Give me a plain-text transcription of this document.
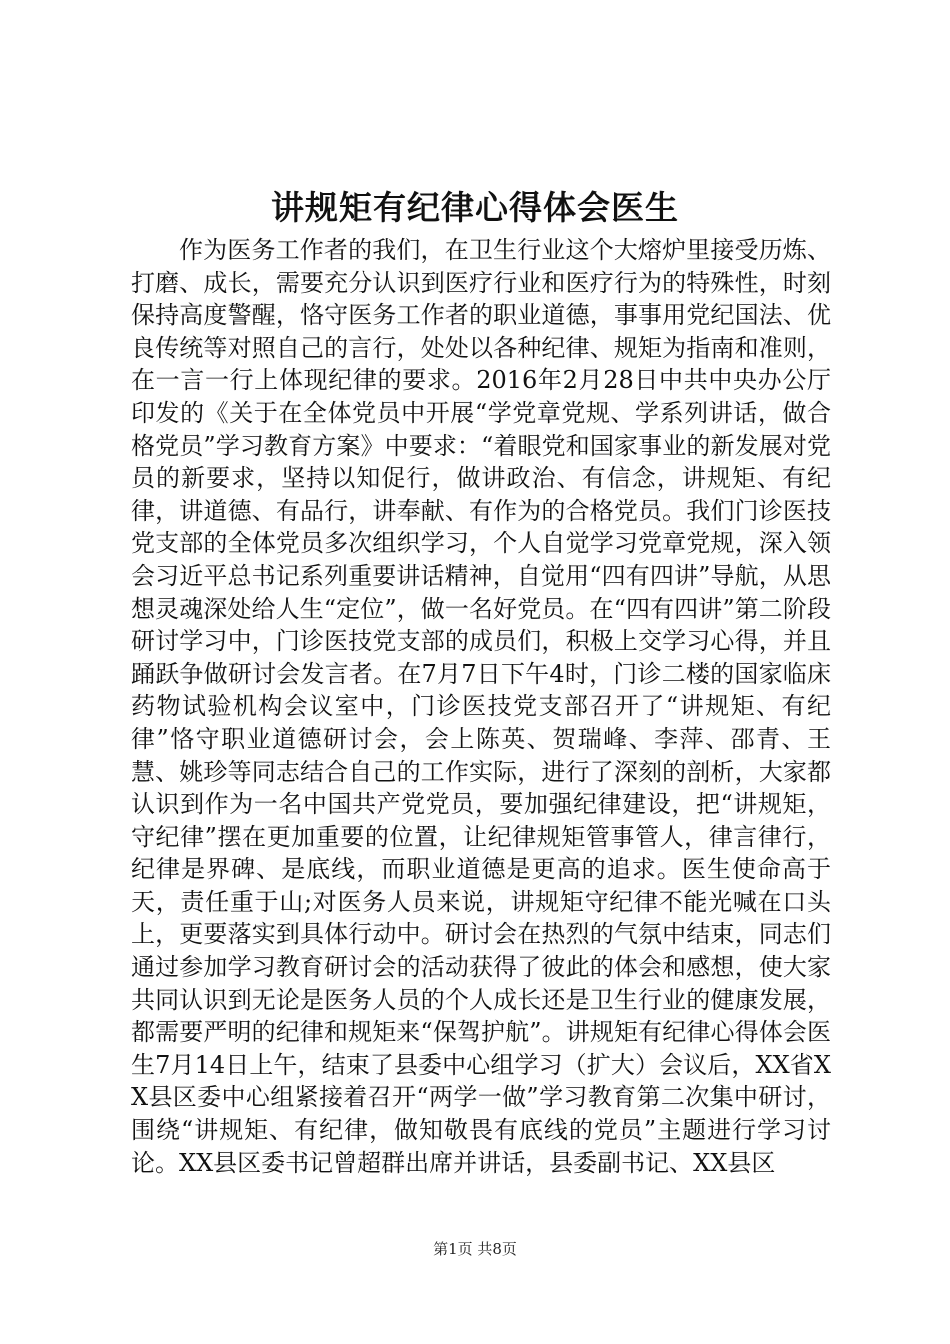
讲规矩有纪律心得体会医生

作为医务工作者的我们，在卫生行业这个大熔炉里接受历炼、打磨、成长，需要充分认识到医疗行业和医疗行为的特殊性，时刻保持高度警醒，恪守医务工作者的职业道德，事事用党纪国法、优良传统等对照自己的言行，处处以各种纪律、规矩为指南和准则，在一言一行上体现纪律的要求。2016年2月28日中共中央办公厅印发的《关于在全体党员中开展“学党章党规、学系列讲话，做合格党员”学习教育方案》中要求：“着眼党和国家事业的新发展对党员的新要求，坚持以知促行，做讲政治、有信念，讲规矩、有纪律，讲道德、有品行，讲奉献、有作为的合格党员。我们门诊医技党支部的全体党员多次组织学习，个人自觉学习党章党规，深入领会习近平总书记系列重要讲话精神，自觉用“四有四讲”导航，从思想灵魂深处给人生“定位”，做一名好党员。在“四有四讲”第二阶段研讨学习中，门诊医技党支部的成员们，积极上交学习心得，并且踊跃争做研讨会发言者。在7月7日下午4时，门诊二楼的国家临床药物试验机构会议室中，门诊医技党支部召开了“讲规矩、有纪律”恪守职业道德研讨会，会上陈英、贺瑞峰、李萍、邵青、王慧、姚珍等同志结合自己的工作实际，进行了深刻的剖析，大家都认识到作为一名中国共产党党员，要加强纪律建设，把“讲规矩，守纪律”摆在更加重要的位置，让纪律规矩管事管人，律言律行，纪律是界碑、是底线，而职业道德是更高的追求。医生使命高于天，责任重于山;对医务人员来说，讲规矩守纪律不能光喊在口头上，更要落实到具体行动中。研讨会在热烈的气氛中结束，同志们通过参加学习教育研讨会的活动获得了彼此的体会和感想，使大家共同认识到无论是医务人员的个人成长还是卫生行业的健康发展，都需要严明的纪律和规矩来“保驾护航”。讲规矩有纪律心得体会医生7月14日上午，结束了县委中心组学习（扩大）会议后，XX省XX县区委中心组紧接着召开“两学一做”学习教育第二次集中研讨，围绕“讲规矩、有纪律，做知敬畏有底线的党员”主题进行学习讨论。XX县区委书记曾超群出席并讲话，县委副书记、XX县区

第1页 共8页
